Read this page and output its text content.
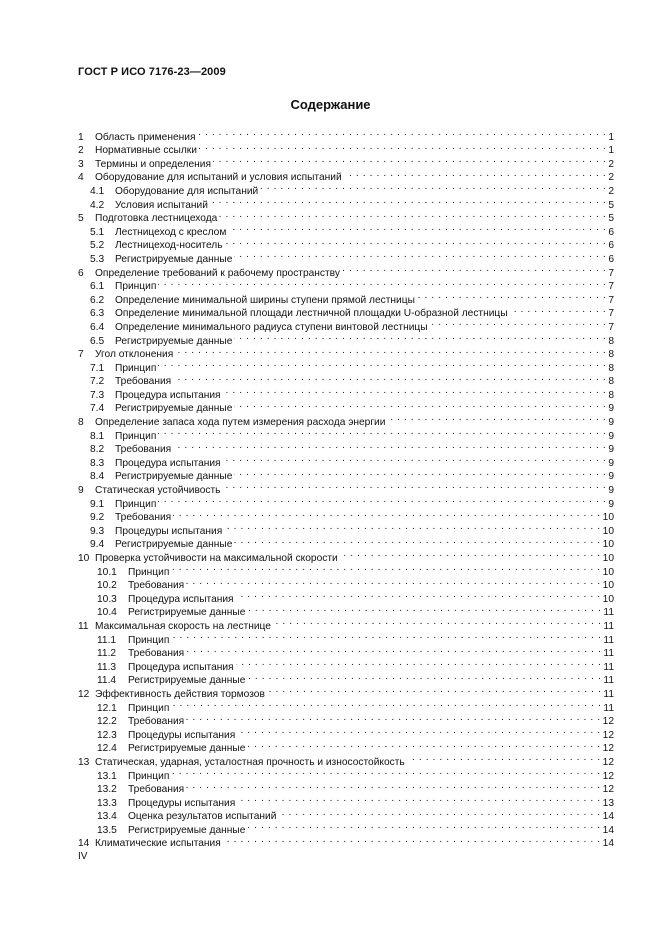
ГОСТ Р ИСО 7176-23—2009
Содержание
1	Область применения . . .	1
2	Нормативные ссылки . . .	1
3	Термины и определения . . .	2
4	Оборудование для испытаний и условия испытаний . . .	2
4.1	Оборудование для испытаний . . .	2
4.2	Условия испытаний . . .	5
5	Подготовка лестницехода . . .	5
5.1	Лестницеход с креслом . . .	6
5.2	Лестницеход-носитель . . .	6
5.3	Регистрируемые данные . . .	6
6	Определение требований к рабочему пространству . . .	7
6.1	Принцип . . .	7
6.2	Определение минимальной ширины ступени прямой лестницы . . .	7
6.3	Определение минимальной площади лестничной площадки U-образной лестницы . . .	7
6.4	Определение минимального радиуса ступени винтовой лестницы . . .	7
6.5	Регистрируемые данные . . .	8
7	Угол отклонения . . .	8
7.1	Принцип . . .	8
7.2	Требования . . .	8
7.3	Процедура испытания . . .	8
7.4	Регистрируемые данные . . .	9
8	Определение запаса хода путем измерения расхода энергии . . .	9
8.1	Принцип . . .	9
8.2	Требования . . .	9
8.3	Процедура испытания . . .	9
8.4	Регистрируемые данные . . .	9
9	Статическая устойчивость . . .	9
9.1	Принцип . . .	9
9.2	Требования . . .	10
9.3	Процедуры испытания . . .	10
9.4	Регистрируемые данные . . .	10
10 Проверка устойчивости на максимальной скорости . . .	10
10.1	Принцип . . .	10
10.2	Требования . . .	10
10.3	Процедура испытания . . .	10
10.4	Регистрируемые данные . . .	11
11 Максимальная скорость на лестнице . . .	11
11.1	Принцип . . .	11
11.2	Требования . . .	11
11.3	Процедура испытания . . .	11
11.4	Регистрируемые данные . . .	11
12 Эффективность действия тормозов . . .	11
12.1	Принцип . . .	11
12.2	Требования . . .	12
12.3	Процедуры испытания . . .	12
12.4	Регистрируемые данные . . .	12
13 Статическая, ударная, усталостная прочность и износостойкость . . .	12
13.1	Принцип . . .	12
13.2	Требования . . .	12
13.3	Процедуры испытания . . .	13
13.4	Оценка результатов испытаний . . .	14
13.5	Регистрируемые данные . . .	14
14 Климатические испытания . . .	14
IV
